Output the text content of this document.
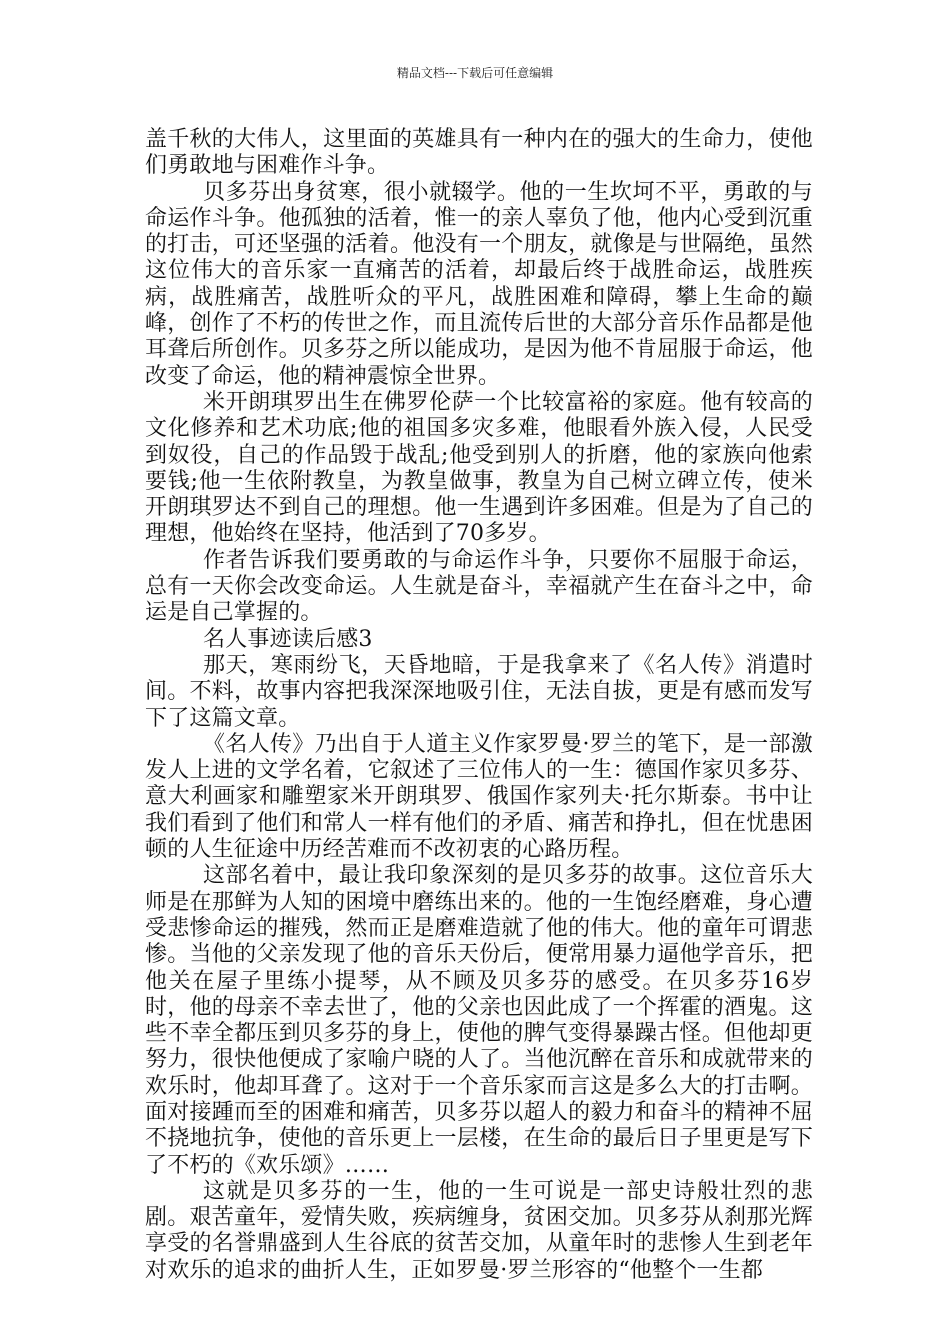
精品文档---下载后可任意编辑

盖千秋的大伟人，这里面的英雄具有一种内在的强大的生命力，使他们勇敢地与困难作斗争。

贝多芬出身贫寒，很小就辍学。他的一生坎坷不平，勇敢的与命运作斗争。他孤独的活着，惟一的亲人辜负了他，他内心受到沉重的打击，可还坚强的活着。他没有一个朋友，就像是与世隔绝，虽然这位伟大的音乐家一直痛苦的活着，却最后终于战胜命运，战胜疾病，战胜痛苦，战胜听众的平凡，战胜困难和障碍，攀上生命的巅峰，创作了不朽的传世之作，而且流传后世的大部分音乐作品都是他耳聋后所创作。贝多芬之所以能成功，是因为他不肯屈服于命运，他改变了命运，他的精神震惊全世界。

米开朗琪罗出生在佛罗伦萨一个比较富裕的家庭。他有较高的文化修养和艺术功底;他的祖国多灾多难，他眼看外族入侵，人民受到奴役，自己的作品毁于战乱;他受到别人的折磨，他的家族向他索要钱;他一生依附教皇，为教皇做事，教皇为自己树立碑立传，使米开朗琪罗达不到自己的理想。他一生遇到许多困难。但是为了自己的理想，他始终在坚持，他活到了70多岁。

作者告诉我们要勇敢的与命运作斗争，只要你不屈服于命运，总有一天你会改变命运。人生就是奋斗，幸福就产生在奋斗之中，命运是自己掌握的。

名人事迹读后感3

那天，寒雨纷飞，天昏地暗，于是我拿来了《名人传》消遣时间。不料，故事内容把我深深地吸引住，无法自拔，更是有感而发写下了这篇文章。

《名人传》乃出自于人道主义作家罗曼·罗兰的笔下，是一部激发人上进的文学名着，它叙述了三位伟人的一生：德国作家贝多芬、意大利画家和雕塑家米开朗琪罗、俄国作家列夫·托尔斯泰。书中让我们看到了他们和常人一样有他们的矛盾、痛苦和挣扎，但在忧患困顿的人生征途中历经苦难而不改初衷的心路历程。

这部名着中，最让我印象深刻的是贝多芬的故事。这位音乐大师是在那鲜为人知的困境中磨练出来的。他的一生饱经磨难，身心遭受悲惨命运的摧残，然而正是磨难造就了他的伟大。他的童年可谓悲惨。当他的父亲发现了他的音乐天份后，便常用暴力逼他学音乐，把他关在屋子里练小提琴，从不顾及贝多芬的感受。在贝多芬16岁时，他的母亲不幸去世了，他的父亲也因此成了一个挥霍的酒鬼。这些不幸全都压到贝多芬的身上，使他的脾气变得暴躁古怪。但他却更努力，很快他便成了家喻户晓的人了。当他沉醉在音乐和成就带来的欢乐时，他却耳聋了。这对于一个音乐家而言这是多么大的打击啊。面对接踵而至的困难和痛苦，贝多芬以超人的毅力和奋斗的精神不屈不挠地抗争，使他的音乐更上一层楼，在生命的最后日子里更是写下了不朽的《欢乐颂》……

这就是贝多芬的一生，他的一生可说是一部史诗般壮烈的悲剧。艰苦童年，爱情失败，疾病缠身，贫困交加。贝多芬从刹那光辉享受的名誉鼎盛到人生谷底的贫苦交加，从童年时的悲惨人生到老年对欢乐的追求的曲折人生，正如罗曼·罗兰形容的“他整个一生都
